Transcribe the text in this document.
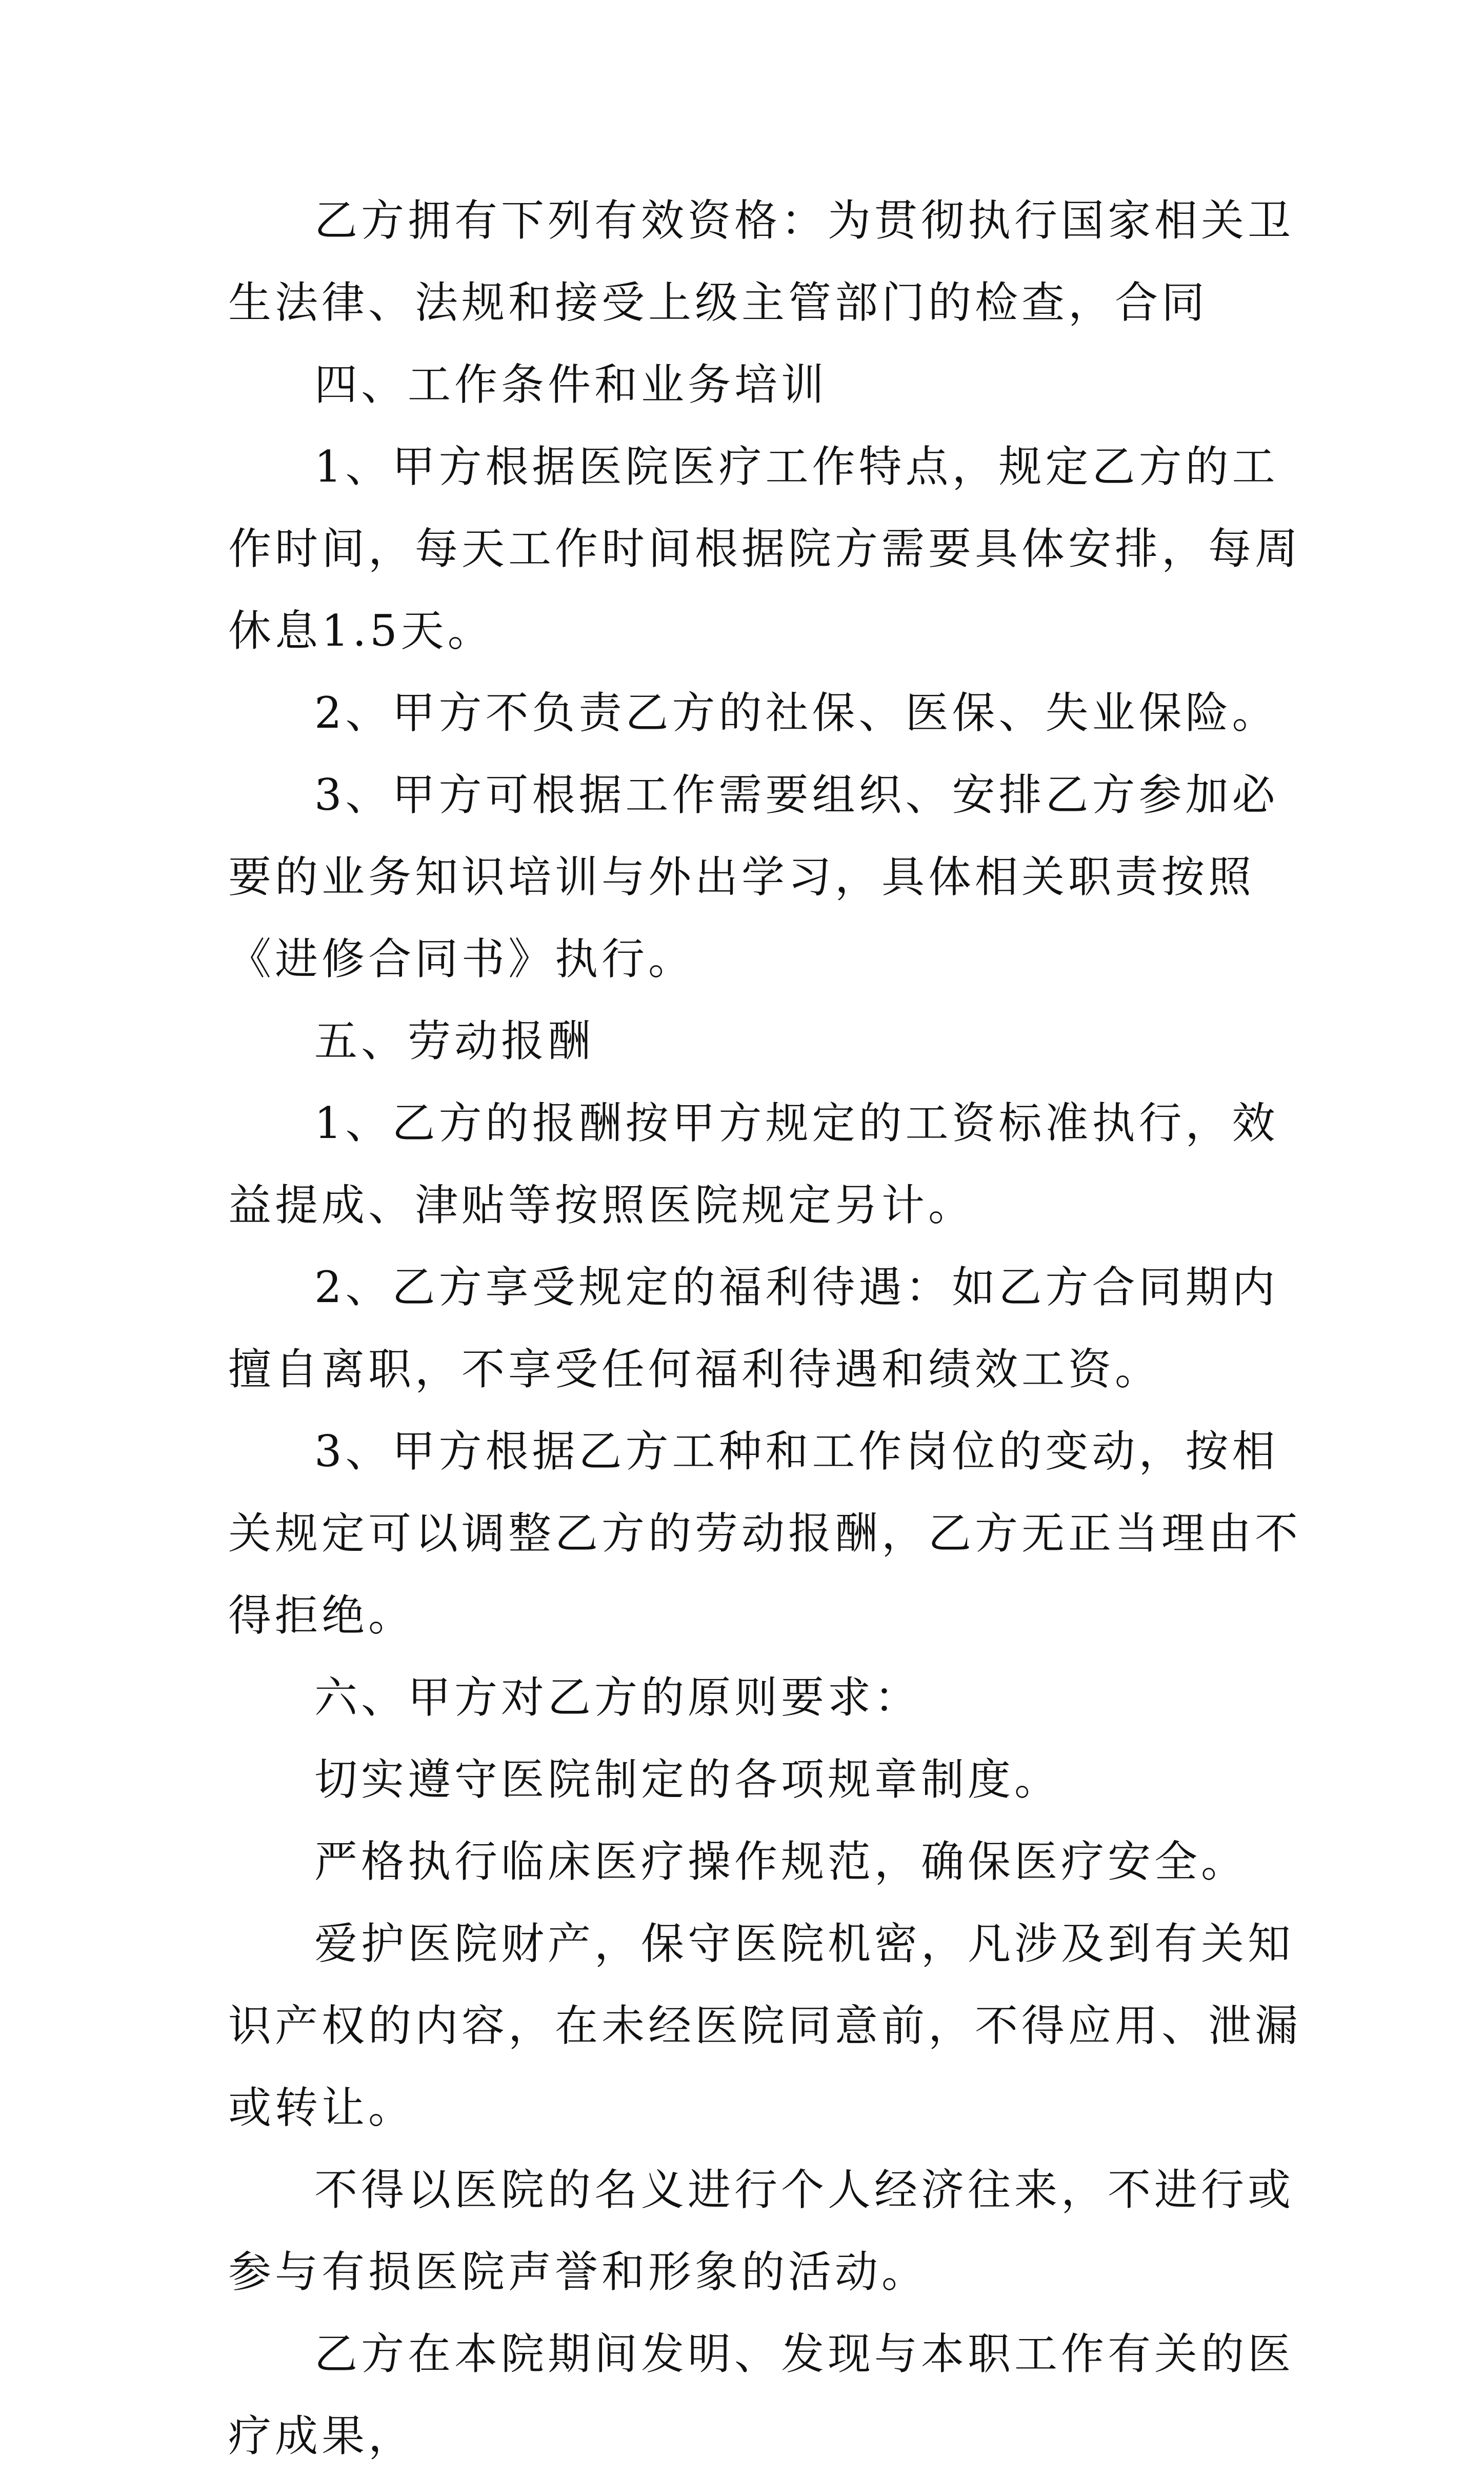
乙方拥有下列有效资格：为贯彻执行国家相关卫生法律、法规和接受上级主管部门的检查，合同

四、工作条件和业务培训

1、甲方根据医院医疗工作特点，规定乙方的工作时间，每天工作时间根据院方需要具体安排，每周休息1.5天。

2、甲方不负责乙方的社保、医保、失业保险。

3、甲方可根据工作需要组织、安排乙方参加必要的业务知识培训与外出学习，具体相关职责按照《进修合同书》执行。

五、劳动报酬

1、乙方的报酬按甲方规定的工资标准执行，效益提成、津贴等按照医院规定另计。

2、乙方享受规定的福利待遇：如乙方合同期内擅自离职，不享受任何福利待遇和绩效工资。

3、甲方根据乙方工种和工作岗位的变动，按相关规定可以调整乙方的劳动报酬，乙方无正当理由不得拒绝。

六、甲方对乙方的原则要求：

切实遵守医院制定的各项规章制度。

严格执行临床医疗操作规范，确保医疗安全。

爱护医院财产，保守医院机密，凡涉及到有关知识产权的内容，在未经医院同意前，不得应用、泄漏或转让。

不得以医院的名义进行个人经济往来，不进行或参与有损医院声誉和形象的活动。

乙方在本院期间发明、发现与本职工作有关的医疗成果，
